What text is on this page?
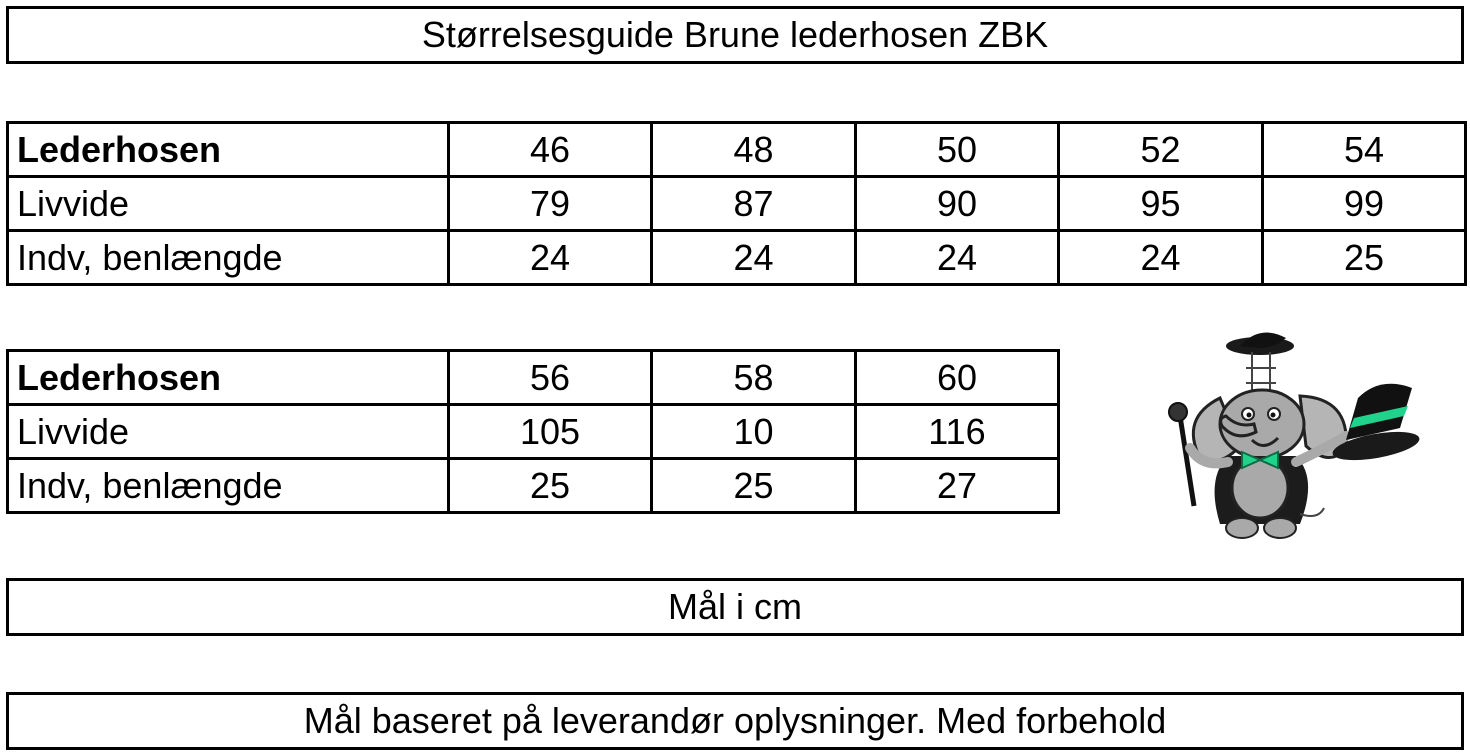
Størrelsesguide Brune lederhosen ZBK
Lederhosen	46	48	50	52	54
Livvide	79	87	90	95	99
Indv, benlængde	24	24	24	24	25
Lederhosen	56	58	60
Livvide	105	10	116
Indv, benlængde	25	25	27
Mål i cm
Mål baseret på leverandør oplysninger. Med forbehold
